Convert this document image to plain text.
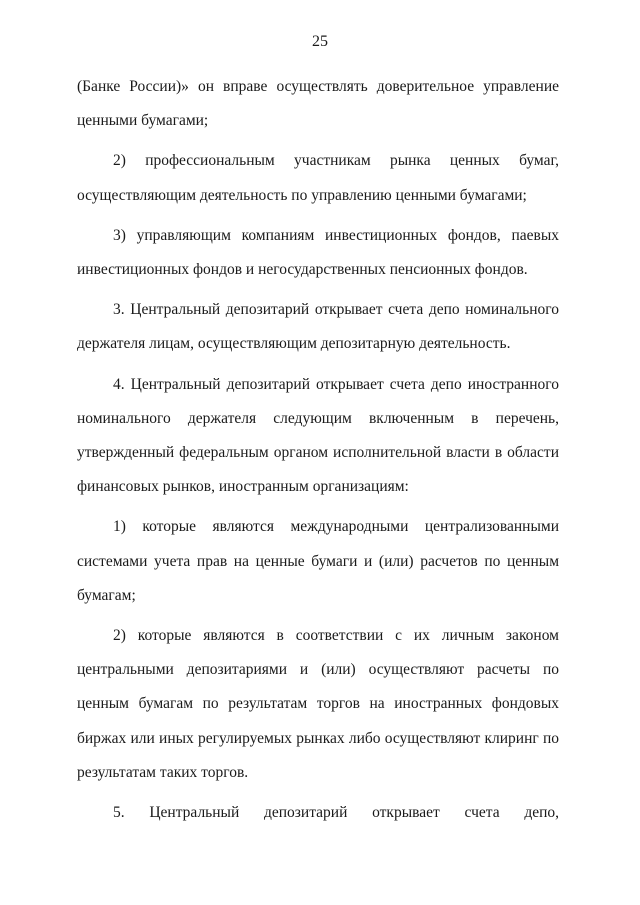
25

(Банке России)» он вправе осуществлять доверительное управление ценными бумагами;

2) профессиональным участникам рынка ценных бумаг, осуществляющим деятельность по управлению ценными бумагами;

3) управляющим компаниям инвестиционных фондов, паевых инвестиционных фондов и негосударственных пенсионных фондов.

3. Центральный депозитарий открывает счета депо номинального держателя лицам, осуществляющим депозитарную деятельность.

4. Центральный депозитарий открывает счета депо иностранного номинального держателя следующим включенным в перечень, утвержденный федеральным органом исполнительной власти в области финансовых рынков, иностранным организациям:

1) которые являются международными централизованными системами учета прав на ценные бумаги и (или) расчетов по ценным бумагам;

2) которые являются в соответствии с их личным законом центральными депозитариями и (или) осуществляют расчеты по ценным бумагам по результатам торгов на иностранных фондовых биржах или иных регулируемых рынках либо осуществляют клиринг по результатам таких торгов.

5. Центральный депозитарий открывает счета депо,
